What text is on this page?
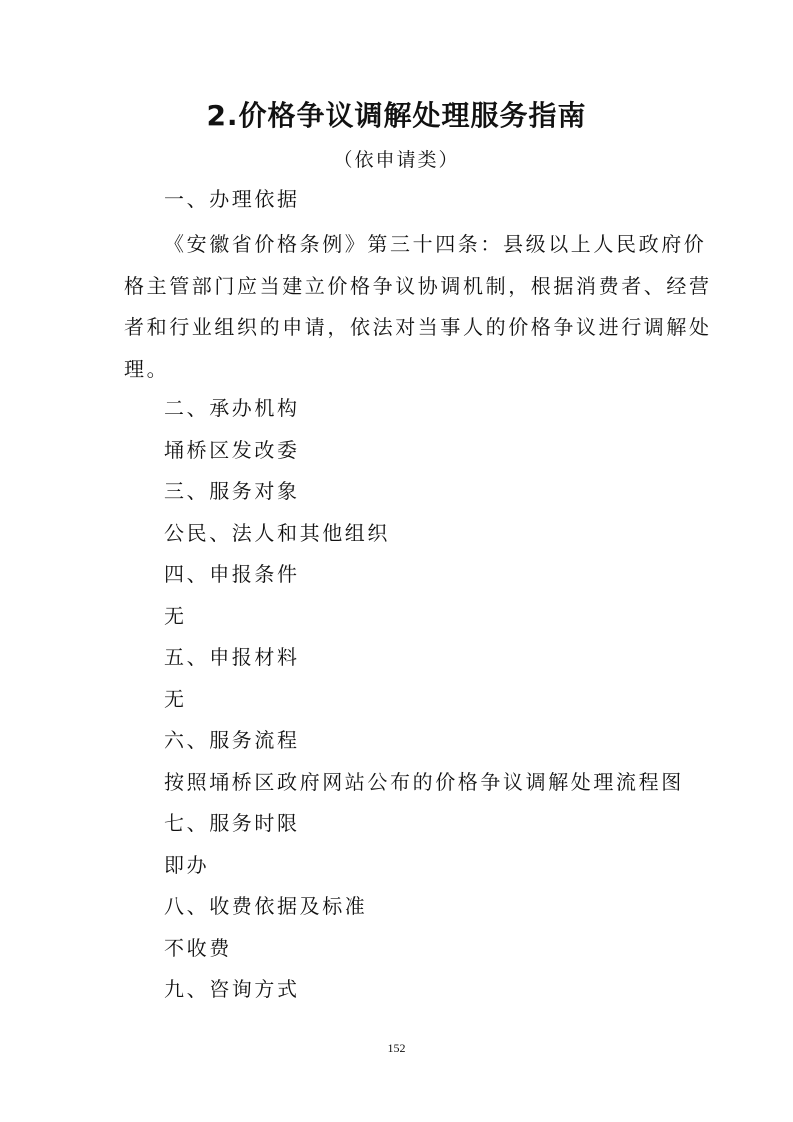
2.价格争议调解处理服务指南
（依申请类）
一、办理依据
《安徽省价格条例》第三十四条：县级以上人民政府价
格主管部门应当建立价格争议协调机制，根据消费者、经营
者和行业组织的申请，依法对当事人的价格争议进行调解处
理。
二、承办机构
埇桥区发改委
三、服务对象
公民、法人和其他组织
四、申报条件
无
五、申报材料
无
六、服务流程
按照埇桥区政府网站公布的价格争议调解处理流程图
七、服务时限
即办
八、收费依据及标准
不收费
九、咨询方式
152
